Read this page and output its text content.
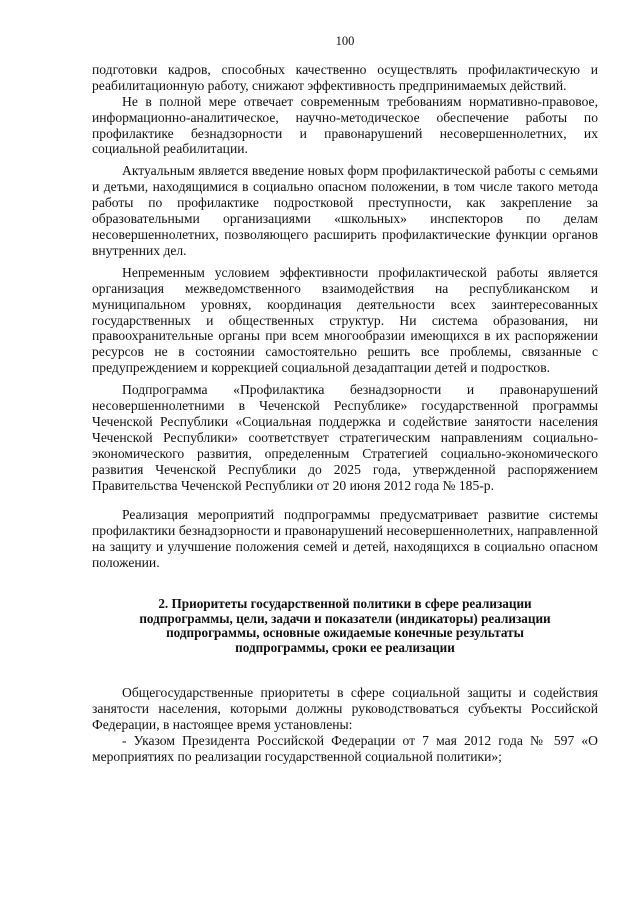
100

подготовки кадров, способных качественно осуществлять профилактическую и реабилитационную работу, снижают эффективность предпринимаемых действий.

Не в полной мере отвечает современным требованиям нормативно-правовое, информационно-аналитическое, научно-методическое обеспечение работы по профилактике безнадзорности и правонарушений несовершеннолетних, их социальной реабилитации.

Актуальным является введение новых форм профилактической работы с семьями и детьми, находящимися в социально опасном положении, в том числе такого метода работы по профилактике подростковой преступности, как закрепление за образовательными организациями «школьных» инспекторов по делам несовершеннолетних, позволяющего расширить профилактические функции органов внутренних дел.

Непременным условием эффективности профилактической работы является организация межведомственного взаимодействия на республиканском и муниципальном уровнях, координация деятельности всех заинтересованных государственных и общественных структур. Ни система образования, ни правоохранительные органы при всем многообразии имеющихся в их распоряжении ресурсов не в состоянии самостоятельно решить все проблемы, связанные с предупреждением и коррекцией социальной дезадаптации детей и подростков.

Подпрограмма «Профилактика безнадзорности и правонарушений несовершеннолетними в Чеченской Республике» государственной программы Чеченской Республики «Социальная поддержка и содействие занятости населения Чеченской Республики» соответствует стратегическим направлениям социально-экономического развития, определенным Стратегией социально-экономического развития Чеченской Республики до 2025 года, утвержденной распоряжением Правительства Чеченской Республики от 20 июня 2012 года № 185-р.

Реализация мероприятий подпрограммы предусматривает развитие системы профилактики безнадзорности и правонарушений несовершеннолетних, направленной на защиту и улучшение положения семей и детей, находящихся в социально опасном положении.

2. Приоритеты государственной политики в сфере реализации
подпрограммы, цели, задачи и показатели (индикаторы) реализации
подпрограммы, основные ожидаемые конечные результаты
подпрограммы, сроки ее реализации

Общегосударственные приоритеты в сфере социальной защиты и содействия занятости населения, которыми должны руководствоваться субъекты Российской Федерации, в настоящее время установлены:

- Указом Президента Российской Федерации от 7 мая 2012 года № 597 «О мероприятиях по реализации государственной социальной политики»;
